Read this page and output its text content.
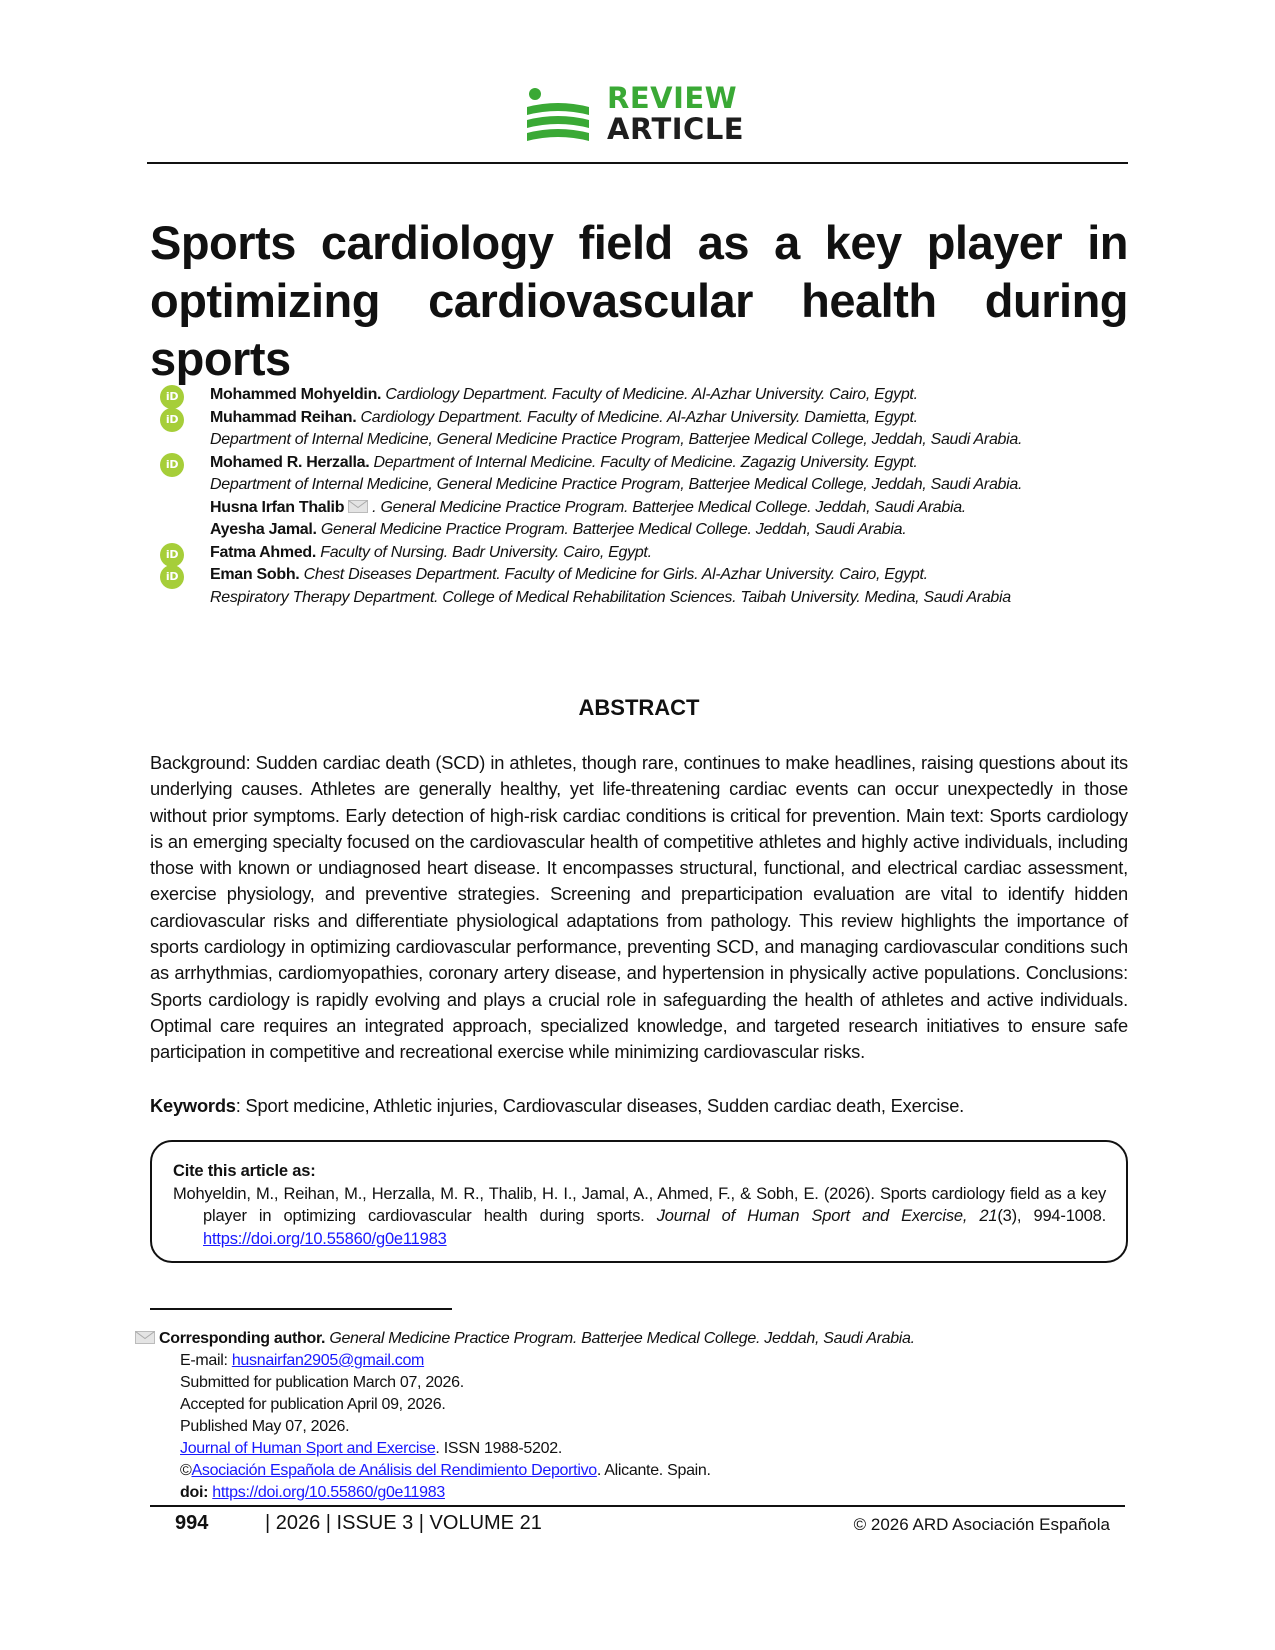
REVIEW
ARTICLE
Sports cardiology field as a key player in optimizing cardiovascular health during sports
iD	Mohammed Mohyeldin. Cardiology Department. Faculty of Medicine. Al-Azhar University. Cairo, Egypt.
iD	Muhammad Reihan. Cardiology Department. Faculty of Medicine. Al-Azhar University. Damietta, Egypt.
Department of Internal Medicine, General Medicine Practice Program, Batterjee Medical College, Jeddah, Saudi Arabia.
iD	Mohamed R. Herzalla. Department of Internal Medicine. Faculty of Medicine. Zagazig University. Egypt.
Department of Internal Medicine, General Medicine Practice Program, Batterjee Medical College, Jeddah, Saudi Arabia.
Husna Irfan Thalib . General Medicine Practice Program. Batterjee Medical College. Jeddah, Saudi Arabia.
Ayesha Jamal. General Medicine Practice Program. Batterjee Medical College. Jeddah, Saudi Arabia.
iD	Fatma Ahmed. Faculty of Nursing. Badr University. Cairo, Egypt.
iD	Eman Sobh. Chest Diseases Department. Faculty of Medicine for Girls. Al-Azhar University. Cairo, Egypt.
Respiratory Therapy Department. College of Medical Rehabilitation Sciences. Taibah University. Medina, Saudi Arabia
ABSTRACT

Background: Sudden cardiac death (SCD) in athletes, though rare, continues to make headlines, raising questions about its underlying causes. Athletes are generally healthy, yet life-threatening cardiac events can occur unexpectedly in those without prior symptoms. Early detection of high-risk cardiac conditions is critical for prevention. Main text: Sports cardiology is an emerging specialty focused on the cardiovascular health of competitive athletes and highly active individuals, including those with known or undiagnosed heart disease. It encompasses structural, functional, and electrical cardiac assessment, exercise physiology, and preventive strategies. Screening and preparticipation evaluation are vital to identify hidden cardiovascular risks and differentiate physiological adaptations from pathology. This review highlights the importance of sports cardiology in optimizing cardiovascular performance, preventing SCD, and managing cardiovascular conditions such as arrhythmias, cardiomyopathies, coronary artery disease, and hypertension in physically active populations. Conclusions: Sports cardiology is rapidly evolving and plays a crucial role in safeguarding the health of athletes and active individuals. Optimal care requires an integrated approach, specialized knowledge, and targeted research initiatives to ensure safe participation in competitive and recreational exercise while minimizing cardiovascular risks.

Keywords: Sport medicine, Athletic injuries, Cardiovascular diseases, Sudden cardiac death, Exercise.

Cite this article as:
Mohyeldin, M., Reihan, M., Herzalla, M. R., Thalib, H. I., Jamal, A., Ahmed, F., & Sobh, E. (2026). Sports cardiology field as a key player in optimizing cardiovascular health during sports. Journal of Human Sport and Exercise, 21(3), 994-1008. https://doi.org/10.55860/g0e11983
Corresponding author. General Medicine Practice Program. Batterjee Medical College. Jeddah, Saudi Arabia.
E-mail: husnairfan2905@gmail.com
Submitted for publication March 07, 2026.
Accepted for publication April 09, 2026.
Published May 07, 2026.
Journal of Human Sport and Exercise. ISSN 1988-5202.
©Asociación Española de Análisis del Rendimiento Deportivo. Alicante. Spain.
doi: https://doi.org/10.55860/g0e11983
994	| 2026 | ISSUE 3 | VOLUME 21	© 2026 ARD Asociación Española
